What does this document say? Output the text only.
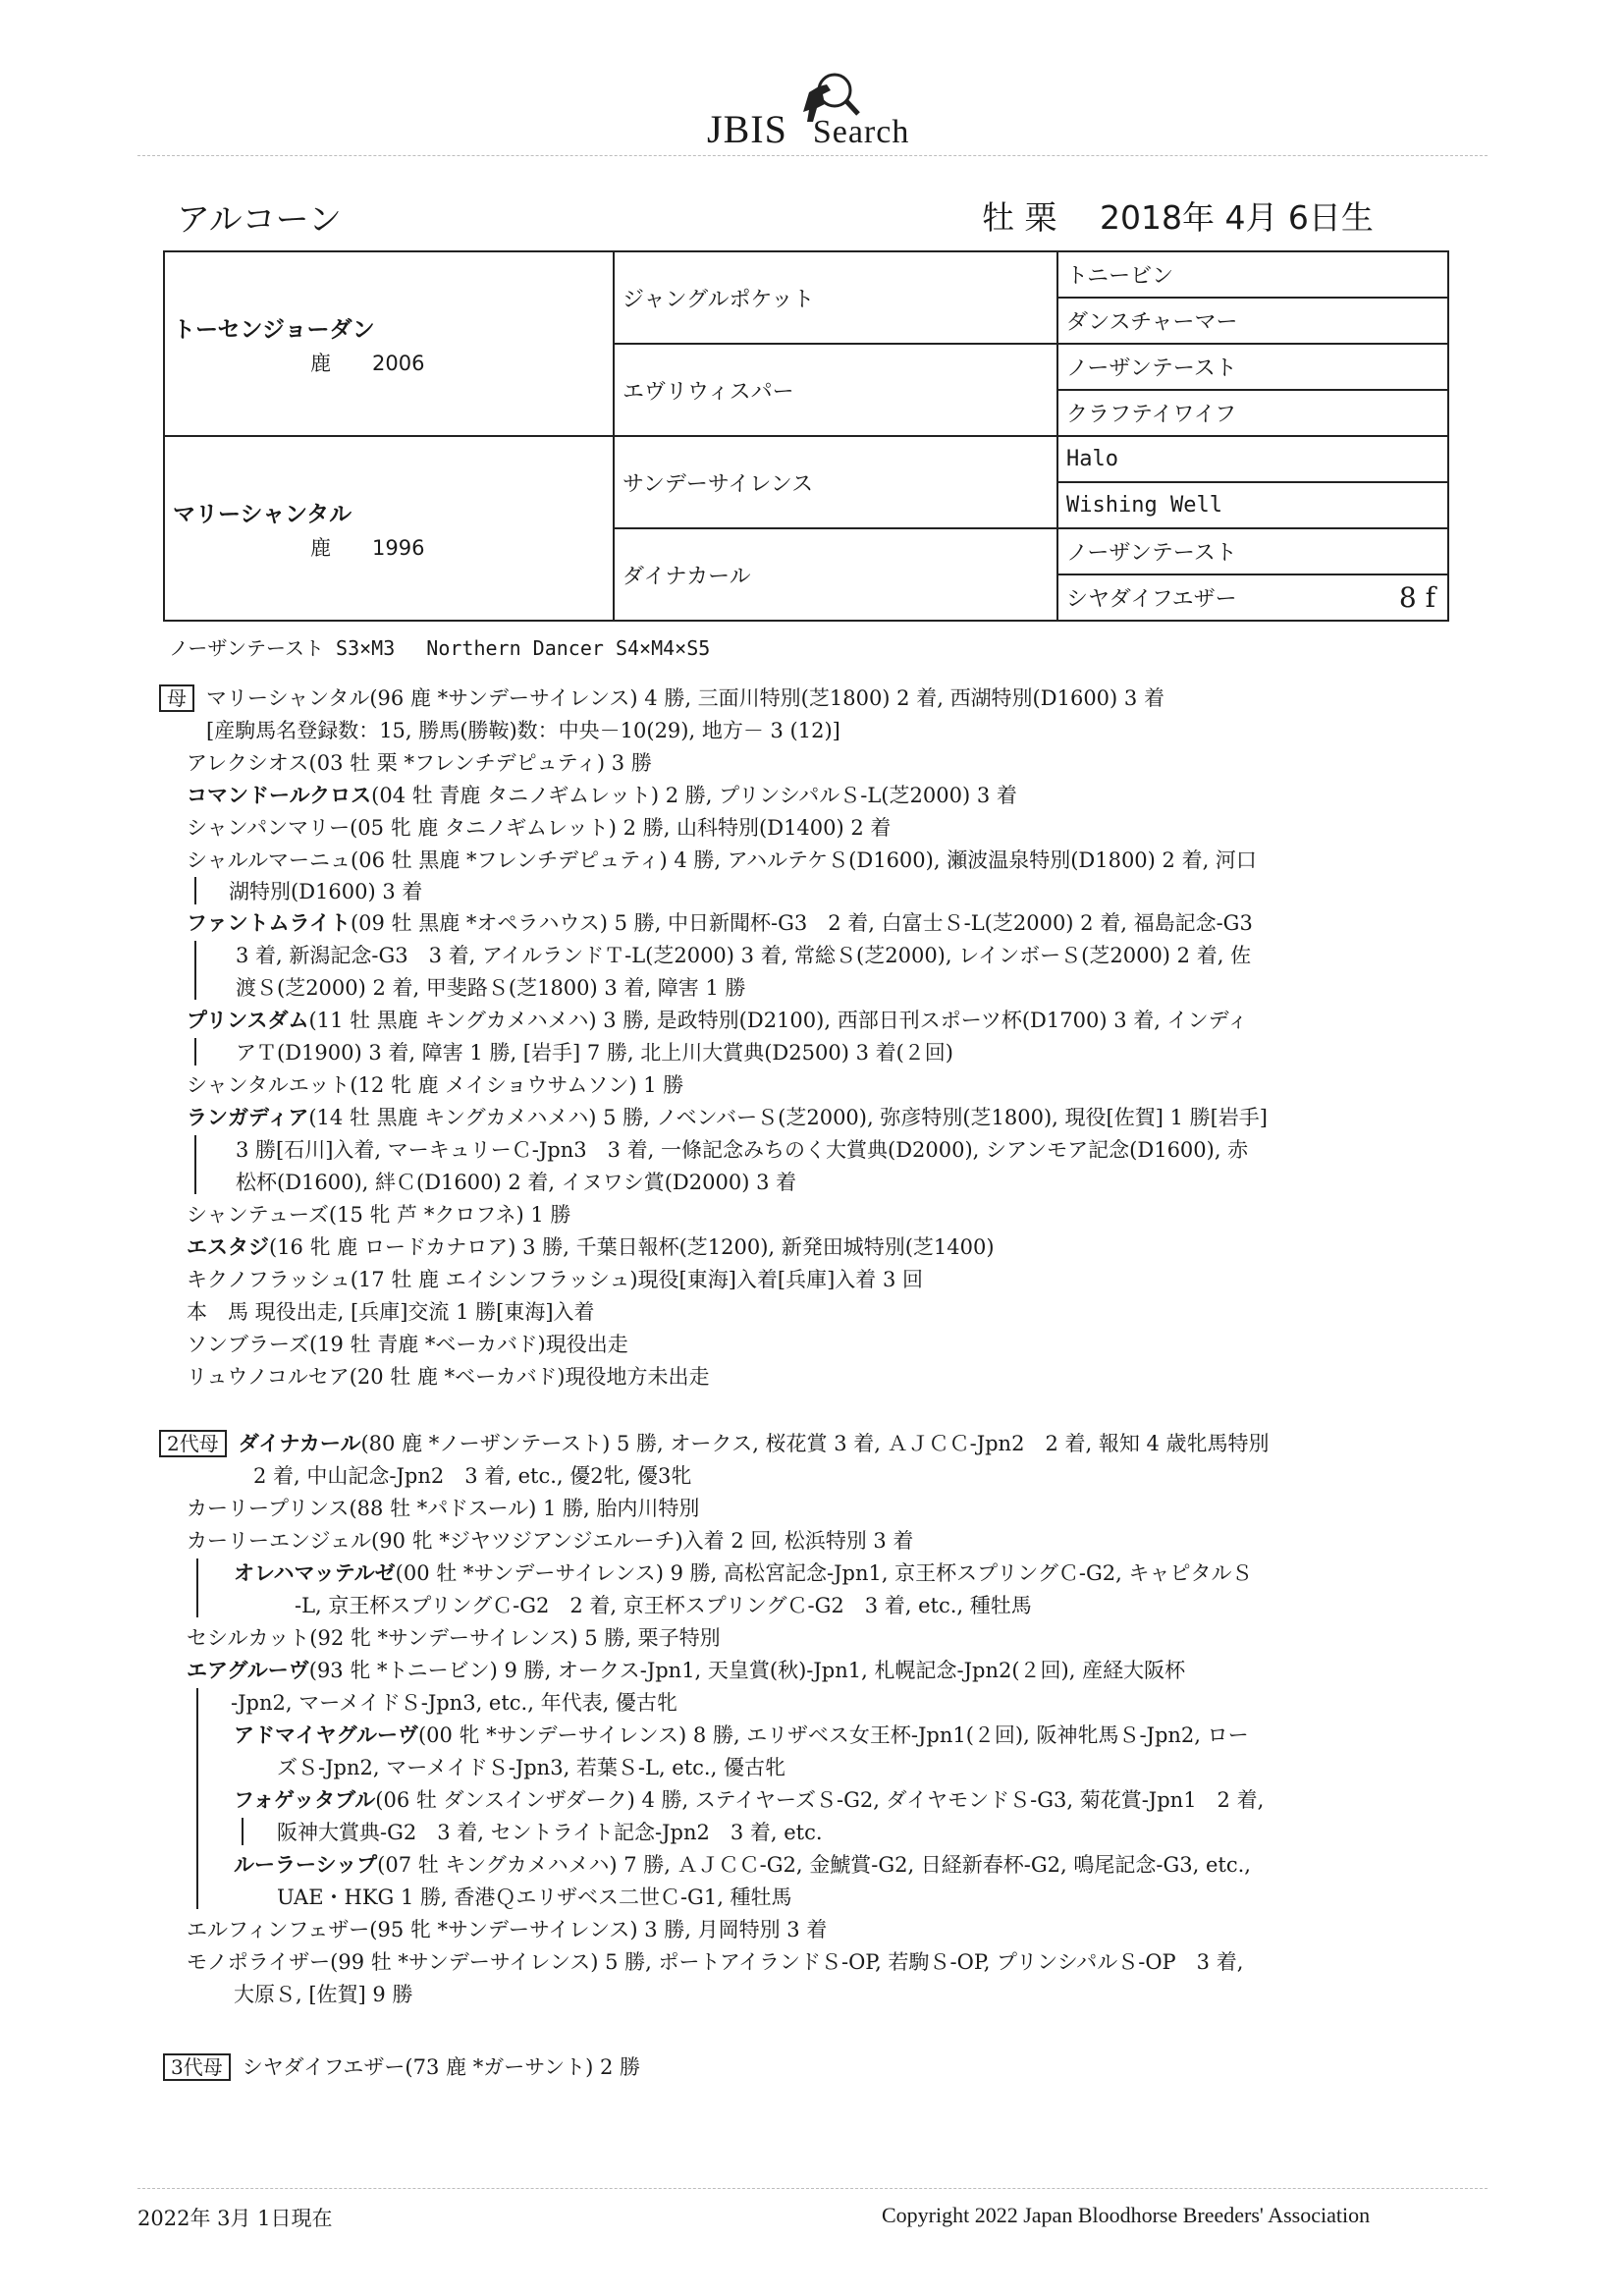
JBIS Search
アルコーン	牡 栗　 2018年 4月 6日生
トーセンジョーダン
鹿　　2006	ジャングルポケット	トニービン
		ダンスチャーマー
	エヴリウィスパー	ノーザンテースト
		クラフテイワイフ

マリーシャンタル
鹿　　1996	サンデーサイレンス	Halo
		Wishing Well
	ダイナカール	ノーザンテースト
		シヤダイフエザー 8 f
ノーザンテースト S3×M3　 Northern Dancer S4×M4×S5
母 マリーシャンタル(96 鹿 *サンデーサイレンス) 4 勝, 三面川特別(芝1800) 2 着, 西湖特別(D1600) 3 着
[産駒馬名登録数：15, 勝馬(勝鞍)数：中央－10(29), 地方－ 3 (12)]
アレクシオス(03 牡 栗 *フレンチデピュティ) 3 勝
コマンドールクロス(04 牡 青鹿 タニノギムレット) 2 勝, プリンシパルＳ-L(芝2000) 3 着
シャンパンマリー(05 牝 鹿 タニノギムレット) 2 勝, 山科特別(D1400) 2 着
シャルルマーニュ(06 牡 黒鹿 *フレンチデピュティ) 4 勝, アハルテケＳ(D1600), 瀬波温泉特別(D1800) 2 着, 河口
湖特別(D1600) 3 着
ファントムライト(09 牡 黒鹿 *オペラハウス) 5 勝, 中日新聞杯-G3　2 着, 白富士Ｓ-L(芝2000) 2 着, 福島記念-G3
3 着, 新潟記念-G3　3 着, アイルランドＴ-L(芝2000) 3 着, 常総Ｓ(芝2000), レインボーＳ(芝2000) 2 着, 佐
渡Ｓ(芝2000) 2 着, 甲斐路Ｓ(芝1800) 3 着, 障害 1 勝
プリンスダム(11 牡 黒鹿 キングカメハメハ) 3 勝, 是政特別(D2100), 西部日刊スポーツ杯(D1700) 3 着, インディ
アＴ(D1900) 3 着, 障害 1 勝, [岩手] 7 勝, 北上川大賞典(D2500) 3 着(２回)
シャンタルエット(12 牝 鹿 メイショウサムソン) 1 勝
ランガディア(14 牡 黒鹿 キングカメハメハ) 5 勝, ノベンバーＳ(芝2000), 弥彦特別(芝1800), 現役[佐賀] 1 勝[岩手]
3 勝[石川]入着, マーキュリーＣ-Jpn3　3 着, 一條記念みちのく大賞典(D2000), シアンモア記念(D1600), 赤
松杯(D1600), 絆Ｃ(D1600) 2 着, イヌワシ賞(D2000) 3 着
シャンテューズ(15 牝 芦 *クロフネ) 1 勝
エスタジ(16 牝 鹿 ロードカナロア) 3 勝, 千葉日報杯(芝1200), 新発田城特別(芝1400)
キクノフラッシュ(17 牡 鹿 エイシンフラッシュ)現役[東海]入着[兵庫]入着 3 回
本　馬 現役出走, [兵庫]交流 1 勝[東海]入着
ソンブラーズ(19 牡 青鹿 *ベーカバド)現役出走
リュウノコルセア(20 牡 鹿 *ベーカバド)現役地方未出走
2代母 ダイナカール(80 鹿 *ノーザンテースト) 5 勝, オークス, 桜花賞 3 着, ＡＪＣＣ-Jpn2　2 着, 報知 4 歳牝馬特別
2 着, 中山記念-Jpn2　3 着, etc., 優2牝, 優3牝
カーリープリンス(88 牡 *パドスール) 1 勝, 胎内川特別
カーリーエンジェル(90 牝 *ジヤツジアンジエルーチ)入着 2 回, 松浜特別 3 着
オレハマッテルゼ(00 牡 *サンデーサイレンス) 9 勝, 高松宮記念-Jpn1, 京王杯スプリングＣ-G2, キャピタルＳ
-L, 京王杯スプリングＣ-G2　2 着, 京王杯スプリングＣ-G2　3 着, etc., 種牡馬
セシルカット(92 牝 *サンデーサイレンス) 5 勝, 栗子特別
エアグルーヴ(93 牝 *トニービン) 9 勝, オークス-Jpn1, 天皇賞(秋)-Jpn1, 札幌記念-Jpn2(２回), 産経大阪杯
-Jpn2, マーメイドＳ-Jpn3, etc., 年代表, 優古牝
アドマイヤグルーヴ(00 牝 *サンデーサイレンス) 8 勝, エリザベス女王杯-Jpn1(２回), 阪神牝馬Ｓ-Jpn2, ロー
ズＳ-Jpn2, マーメイドＳ-Jpn3, 若葉Ｓ-L, etc., 優古牝
フォゲッタブル(06 牡 ダンスインザダーク) 4 勝, ステイヤーズＳ-G2, ダイヤモンドＳ-G3, 菊花賞-Jpn1　2 着,
阪神大賞典-G2　3 着, セントライト記念-Jpn2　3 着, etc.
ルーラーシップ(07 牡 キングカメハメハ) 7 勝, ＡＪＣＣ-G2, 金鯱賞-G2, 日経新春杯-G2, 鳴尾記念-G3, etc.,
UAE・HKG 1 勝, 香港Ｑエリザベス二世Ｃ-G1, 種牡馬
エルフィンフェザー(95 牝 *サンデーサイレンス) 3 勝, 月岡特別 3 着
モノポライザー(99 牡 *サンデーサイレンス) 5 勝, ポートアイランドＳ-OP, 若駒Ｓ-OP, プリンシパルＳ-OP　3 着,
大原Ｓ, [佐賀] 9 勝
3代母 シヤダイフエザー(73 鹿 *ガーサント) 2 勝
2022年 3月 1日現在	Copyright 2022 Japan Bloodhorse Breeders' Association
